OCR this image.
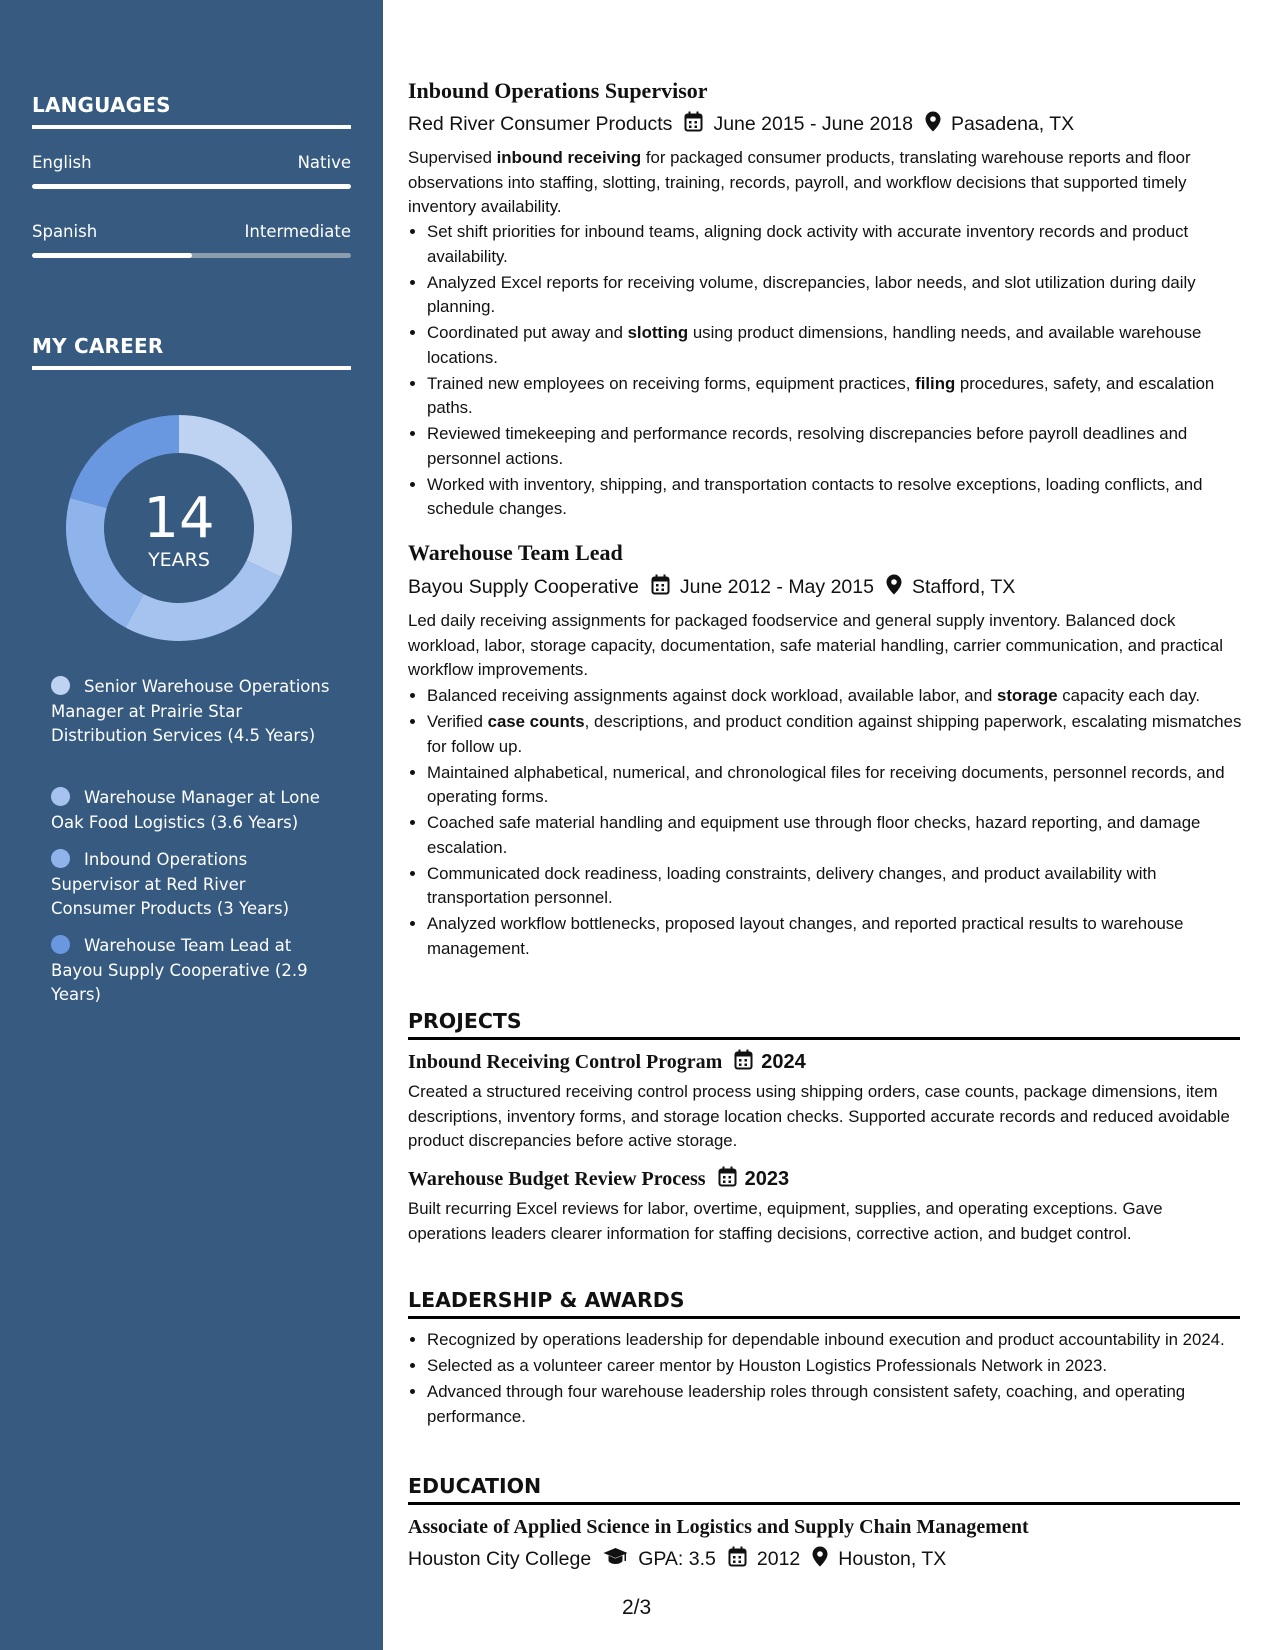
LANGUAGES
English	Native
Spanish	Intermediate
MY CAREER
14
YEARS
Senior Warehouse Operations Manager at Prairie Star Distribution Services (4.5 Years)
Warehouse Manager at Lone Oak Food Logistics (3.6 Years)
Inbound Operations Supervisor at Red River Consumer Products (3 Years)
Warehouse Team Lead at Bayou Supply Cooperative (2.9 Years)
Inbound Operations Supervisor
Red River Consumer Products June 2015 - June 2018 Pasadena, TX
Supervised inbound receiving for packaged consumer products, translating warehouse reports and floor observations into staffing, slotting, training, records, payroll, and workflow decisions that supported timely inventory availability.
• Set shift priorities for inbound teams, aligning dock activity with accurate inventory records and product availability.
• Analyzed Excel reports for receiving volume, discrepancies, labor needs, and slot utilization during daily planning.
• Coordinated put away and slotting using product dimensions, handling needs, and available warehouse locations.
• Trained new employees on receiving forms, equipment practices, filing procedures, safety, and escalation paths.
• Reviewed timekeeping and performance records, resolving discrepancies before payroll deadlines and personnel actions.
• Worked with inventory, shipping, and transportation contacts to resolve exceptions, loading conflicts, and schedule changes.
Warehouse Team Lead
Bayou Supply Cooperative June 2012 - May 2015 Stafford, TX
Led daily receiving assignments for packaged foodservice and general supply inventory. Balanced dock workload, labor, storage capacity, documentation, safe material handling, carrier communication, and practical workflow improvements.
• Balanced receiving assignments against dock workload, available labor, and storage capacity each day.
• Verified case counts, descriptions, and product condition against shipping paperwork, escalating mismatches for follow up.
• Maintained alphabetical, numerical, and chronological files for receiving documents, personnel records, and operating forms.
• Coached safe material handling and equipment use through floor checks, hazard reporting, and damage escalation.
• Communicated dock readiness, loading constraints, delivery changes, and product availability with transportation personnel.
• Analyzed workflow bottlenecks, proposed layout changes, and reported practical results to warehouse management.
PROJECTS
Inbound Receiving Control Program 2024
Created a structured receiving control process using shipping orders, case counts, package dimensions, item descriptions, inventory forms, and storage location checks. Supported accurate records and reduced avoidable product discrepancies before active storage.
Warehouse Budget Review Process 2023
Built recurring Excel reviews for labor, overtime, equipment, supplies, and operating exceptions. Gave operations leaders clearer information for staffing decisions, corrective action, and budget control.
LEADERSHIP & AWARDS
• Recognized by operations leadership for dependable inbound execution and product accountability in 2024.
• Selected as a volunteer career mentor by Houston Logistics Professionals Network in 2023.
• Advanced through four warehouse leadership roles through consistent safety, coaching, and operating performance.
EDUCATION
Associate of Applied Science in Logistics and Supply Chain Management
Houston City College GPA: 3.5 2012 Houston, TX
2/3
